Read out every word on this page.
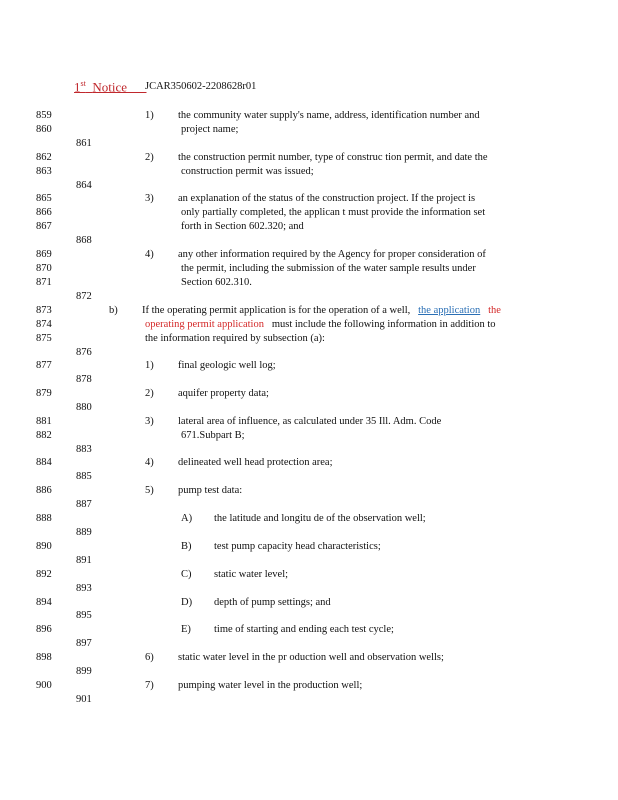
1st Notice	JCAR350602-2208628r01
859
860
861
862
863
864
865
866
867
868
869
870
871
872
873
874
875
876
877
878
879
880
881
882
883
884
885
886
887
888
889
890
891
892
893
894
895
896
897
898
899
900
901
1) the community water supply's name, address, identification number and
project name;
2) the construction permit number, type of construc tion permit, and date the
construction permit was issued;
3) an explanation of the status of the construction project. If the project is
only partially completed, the applican t must provide the information set
forth in Section 602.320; and
4) any other information required by the Agency for proper consideration of
the permit, including the submission of the water sample results under
Section 602.310.
b) If the operating permit application is for the operation of a well, the application the
operating permit application must include the following information in addition to
the information required by subsection (a):
1) final geologic well log;
2) aquifer property data;
3) lateral area of influence, as calculated under 35 Ill. Adm. Code
671.Subpart B;
4) delineated well head protection area;
5) pump test data:
A) the latitude and longitu de of the observation well;
B) test pump capacity head characteristics;
C) static water level;
D) depth of pump settings; and
E) time of starting and ending each test cycle;
6) static water level in the pr oduction well and observation wells;
7) pumping water level in the production well;
